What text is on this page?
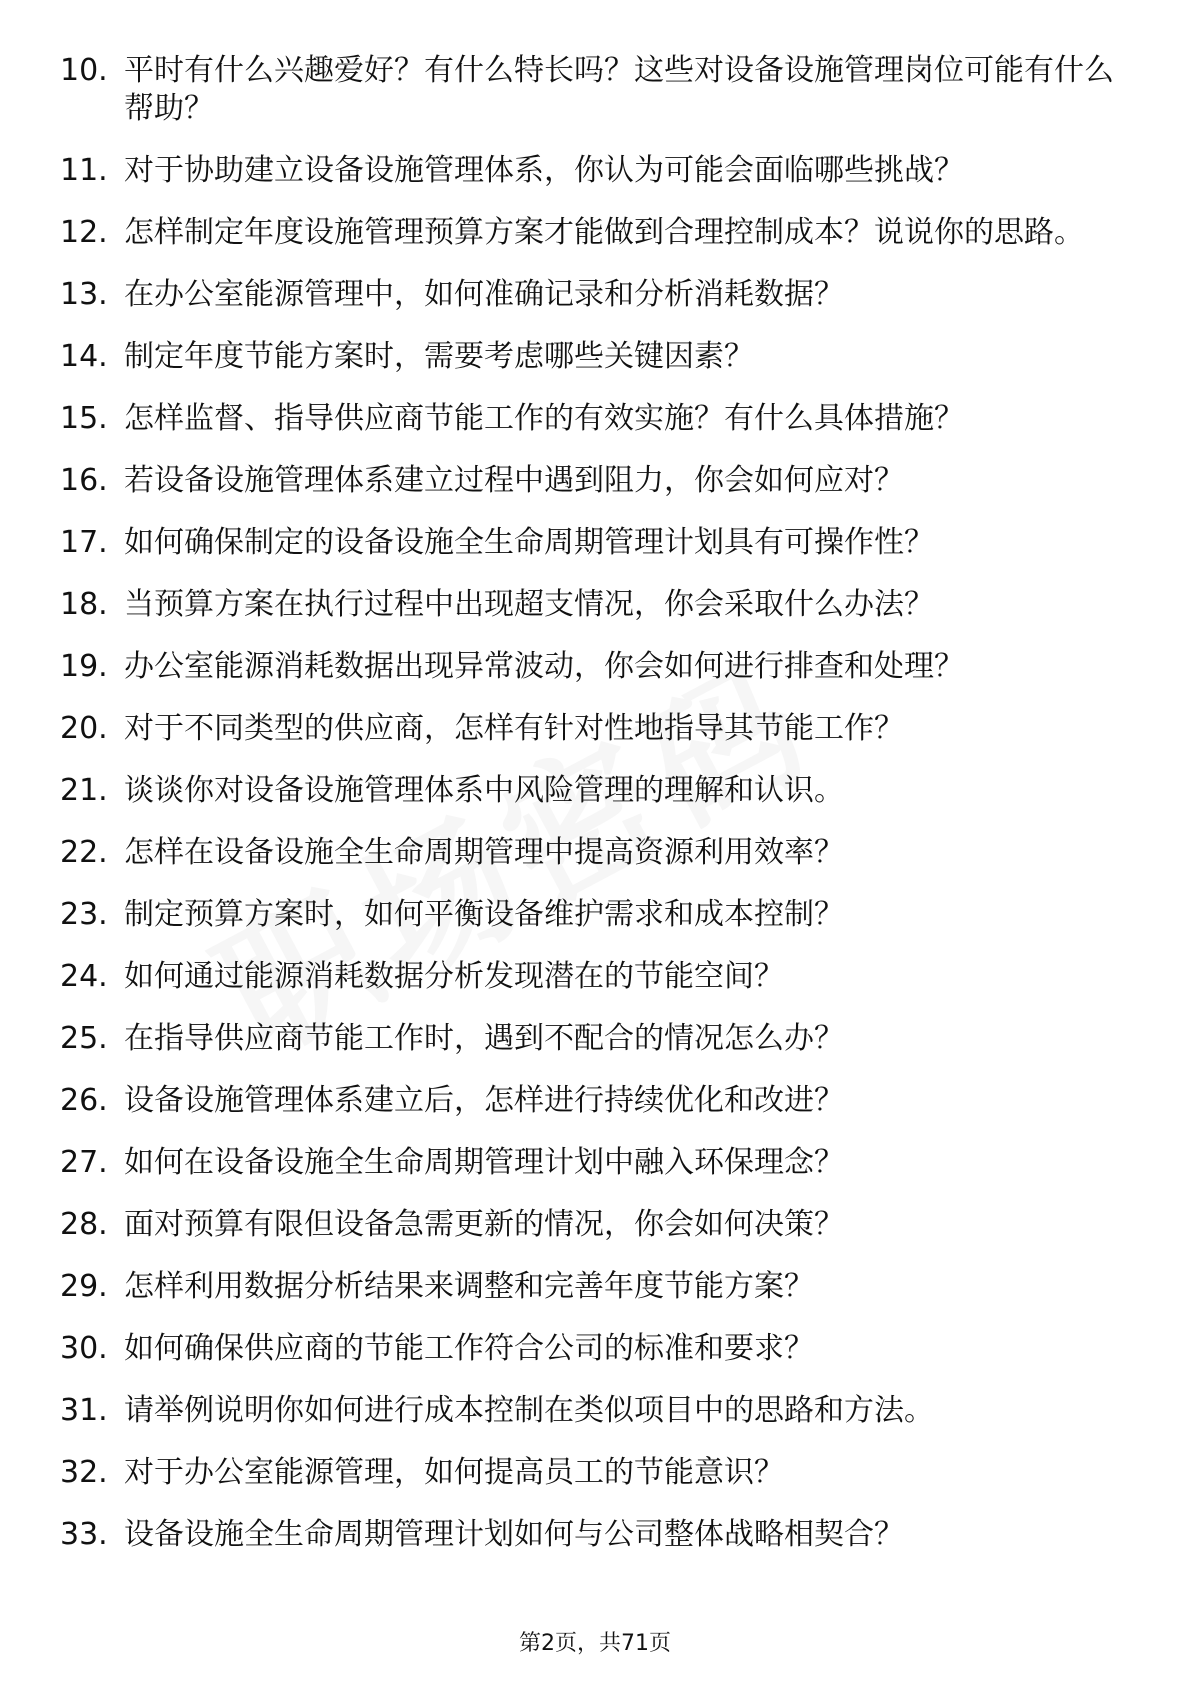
10. 平时有什么兴趣爱好？有什么特长吗？这些对设备设施管理岗位可能有什么帮助？
11. 对于协助建立设备设施管理体系，你认为可能会面临哪些挑战？
12. 怎样制定年度设施管理预算方案才能做到合理控制成本？说说你的思路。
13. 在办公室能源管理中，如何准确记录和分析消耗数据？
14. 制定年度节能方案时，需要考虑哪些关键因素？
15. 怎样监督、指导供应商节能工作的有效实施？有什么具体措施？
16. 若设备设施管理体系建立过程中遇到阻力，你会如何应对？
17. 如何确保制定的设备设施全生命周期管理计划具有可操作性？
18. 当预算方案在执行过程中出现超支情况，你会采取什么办法？
19. 办公室能源消耗数据出现异常波动，你会如何进行排查和处理？
20. 对于不同类型的供应商，怎样有针对性地指导其节能工作？
21. 谈谈你对设备设施管理体系中风险管理的理解和认识。
22. 怎样在设备设施全生命周期管理中提高资源利用效率？
23. 制定预算方案时，如何平衡设备维护需求和成本控制？
24. 如何通过能源消耗数据分析发现潜在的节能空间？
25. 在指导供应商节能工作时，遇到不配合的情况怎么办？
26. 设备设施管理体系建立后，怎样进行持续优化和改进？
27. 如何在设备设施全生命周期管理计划中融入环保理念？
28. 面对预算有限但设备急需更新的情况，你会如何决策？
29. 怎样利用数据分析结果来调整和完善年度节能方案？
30. 如何确保供应商的节能工作符合公司的标准和要求？
31. 请举例说明你如何进行成本控制在类似项目中的思路和方法。
32. 对于办公室能源管理，如何提高员工的节能意识？
33. 设备设施全生命周期管理计划如何与公司整体战略相契合？
第2页，共71页
